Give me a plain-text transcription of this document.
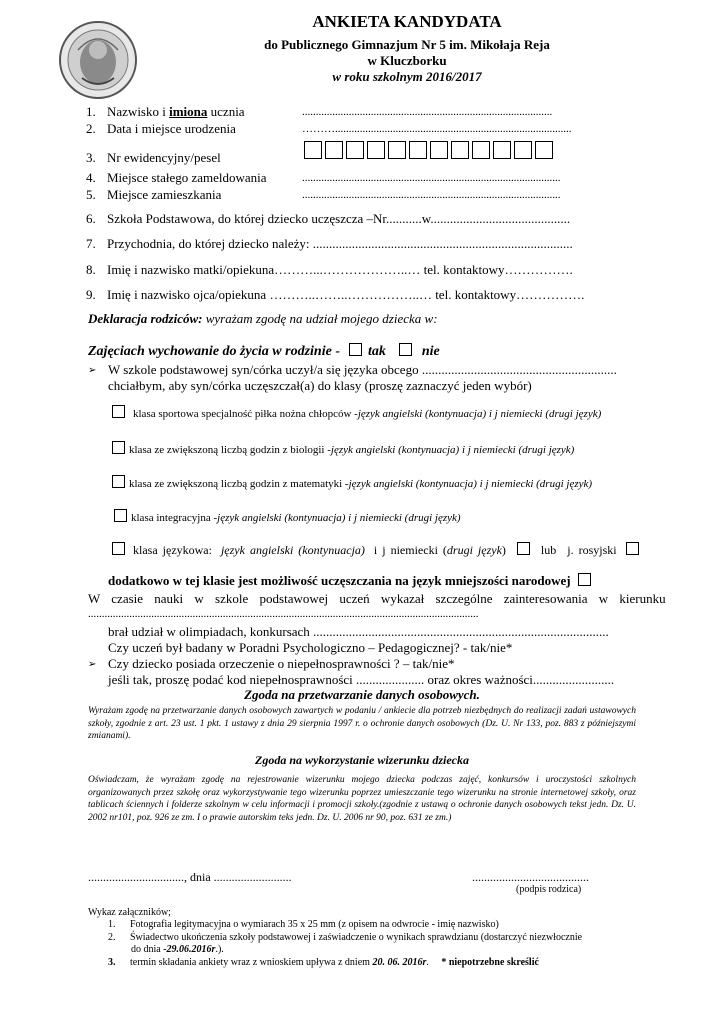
ANKIETA KANDYDATA
do Publicznego Gimnazjum Nr 5 im. Mikołaja Reja
w Kluczborku
w roku szkolnym 2016/2017
1. Nazwisko i imiona ucznia	...........................................................................................
2. Data i miejsce urodzenia	………......................................................................................
3. Nr ewidencyjny/pesel
4. Miejsce stałego zameldowania	..............................................................................................
5. Miejsce zamieszkania	..............................................................................................
6. Szkoła Podstawowa, do której dziecko uczęszcza –Nr...........w...........................................
7. Przychodnia, do której dziecko należy: ................................................................................
8. Imię i nazwisko matki/opiekuna………...………………..… tel. kontaktowy…………….
9. Imię i nazwisko ojca/opiekuna ………..……..……………..… tel. kontaktowy…………….
Deklaracja rodziców: wyrażam zgodę na udział mojego dziecka w:
Zajęciach wychowanie do życia w rodzinie - tak	nie
➢ W szkole podstawowej syn/córka uczył/a się języka obcego ............................................................
chciałbym, aby syn/córka uczęszczał(a) do klasy (proszę zaznaczyć jeden wybór)
klasa sportowa specjalność piłka nożna chłopców -język angielski (kontynuacja) i j niemiecki (drugi język)
klasa ze zwiększoną liczbą godzin z biologii -język angielski (kontynuacja) i j niemiecki (drugi język)
klasa ze zwiększoną liczbą godzin z matematyki -język angielski (kontynuacja) i j niemiecki (drugi język)
klasa integracyjna -język angielski (kontynuacja) i j niemiecki (drugi język)
klasa językowa: język angielski (kontynuacja) i j niemiecki (drugi język)	lub j. rosyjski
dodatkowo w tej klasie jest możliwość uczęszczania na język mniejszości narodowej
W czasie nauki w szkole podstawowej uczeń wykazał szczególne zainteresowania w kierunku
..............................................................................................................................................
brał udział w olimpiadach, konkursach ...........................................................................................
Czy uczeń był badany w Poradni Psychologiczno – Pedagogicznej? - tak/nie*
➢ Czy dziecko posiada orzeczenie o niepełnosprawności ? – tak/nie*
jeśli tak, proszę podać kod niepełnosprawności ..................... oraz okres ważności.........................
Zgoda na przetwarzanie danych osobowych.
Wyrażam zgodę na przetwarzanie danych osobowych zawartych w podaniu / ankiecie dla potrzeb niezbędnych do realizacji zadań ustawowych szkoły, zgodnie z art. 23 ust. 1 pkt. 1 ustawy z dnia 29 sierpnia 1997 r. o ochronie danych osobowych (Dz. U. Nr 133, poz. 883 z późniejszymi zmianami).
Zgoda na wykorzystanie wizerunku dziecka
Oświadczam, że wyrażam zgodę na rejestrowanie wizerunku mojego dziecka podczas zajęć, konkursów i uroczystości szkolnych organizowanych przez szkołę oraz wykorzystywanie tego wizerunku poprzez umieszczanie tego wizerunku na stronie internetowej szkoły, oraz tablicach ściennych i folderze szkolnym w celu informacji i promocji szkoły.(zgodnie z ustawą o ochronie danych osobowych tekst jedn. Dz. U. 2002 nr101, poz. 926 ze zm. I o prawie autorskim teks jedn. Dz. U. 2006 nr 90, poz. 631 ze zm.)
................................, dnia ..........................	.......................................
(podpis rodzica)
Wykaz załączników;
1. Fotografia legitymacyjna o wymiarach 35 x 25 mm (z opisem na odwrocie - imię nazwisko)
2. Świadectwo ukończenia szkoły podstawowej i zaświadczenie o wynikach sprawdzianu (dostarczyć niezwłocznie
do dnia -29.06.2016r.).
3. termin składania ankiety wraz z wnioskiem upływa z dniem 20. 06. 2016r. * niepotrzebne skreślić
